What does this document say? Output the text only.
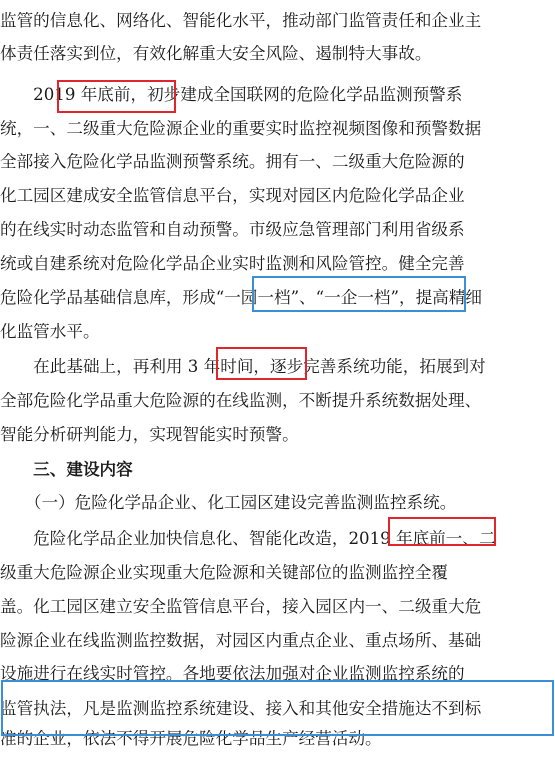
监管的信息化、网络化、智能化水平，推动部门监管责任和企业主
体责任落实到位，有效化解重大安全风险、遏制特大事故。
　　2019 年底前，初步建成全国联网的危险化学品监测预警系
统，一、二级重大危险源企业的重要实时监控视频图像和预警数据
全部接入危险化学品监测预警系统。拥有一、二级重大危险源的
化工园区建成安全监管信息平台，实现对园区内危险化学品企业
的在线实时动态监管和自动预警。市级应急管理部门利用省级系
统或自建系统对危险化学品企业实时监测和风险管控。健全完善
危险化学品基础信息库，形成“一园一档”、“一企一档”，提高精细
化监管水平。
　　在此基础上，再利用 3 年时间，逐步完善系统功能，拓展到对
全部危险化学品重大危险源的在线监测，不断提升系统数据处理、
智能分析研判能力，实现智能实时预警。
　　三、建设内容
　　（一）危险化学品企业、化工园区建设完善监测监控系统。
　　危险化学品企业加快信息化、智能化改造，2019 年底前一、二
级重大危险源企业实现重大危险源和关键部位的监测监控全覆
盖。化工园区建立安全监管信息平台，接入园区内一、二级重大危
险源企业在线监测监控数据，对园区内重点企业、重点场所、基础
设施进行在线实时管控。各地要依法加强对企业监测监控系统的
监管执法，凡是监测监控系统建设、接入和其他安全措施达不到标
准的企业，依法不得开展危险化学品生产经营活动。
